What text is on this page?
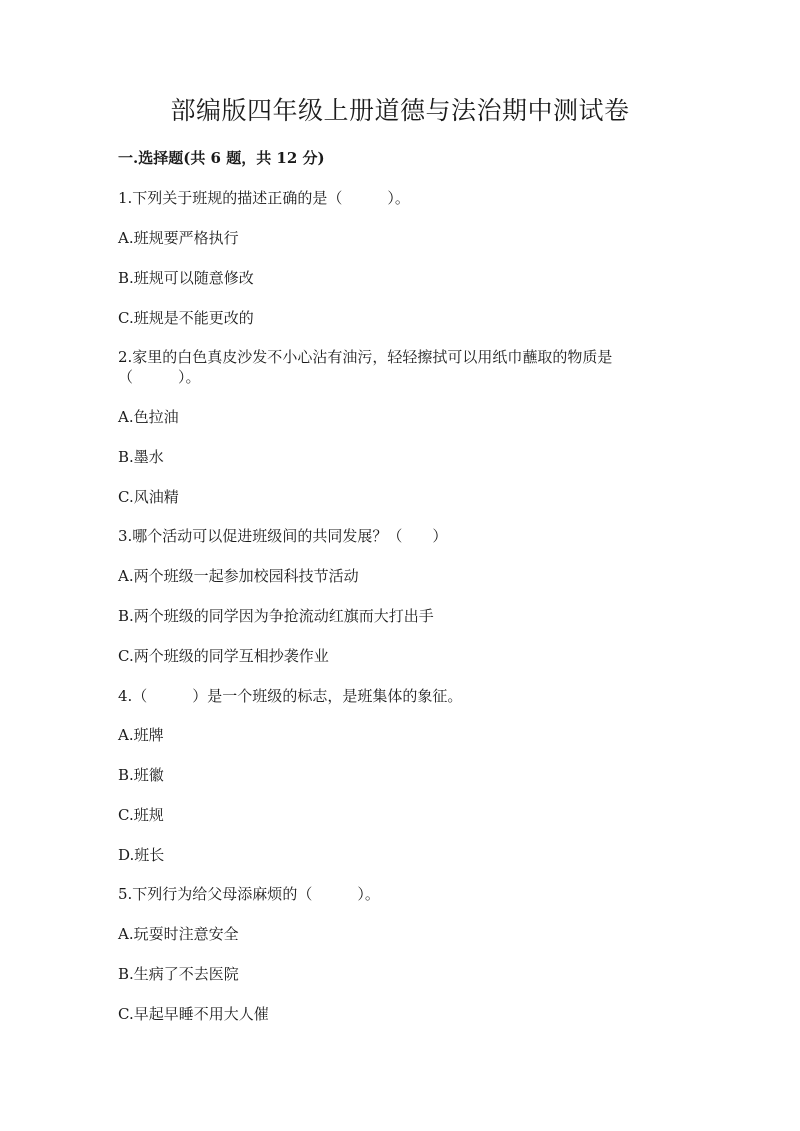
部编版四年级上册道德与法治期中测试卷
一.选择题(共 6 题，共 12 分)
1.下列关于班规的描述正确的是（　　　）。
A.班规要严格执行
B.班规可以随意修改
C.班规是不能更改的
2.家里的白色真皮沙发不小心沾有油污，轻轻擦拭可以用纸巾蘸取的物质是
（　　　）。
A.色拉油
B.墨水
C.风油精
3.哪个活动可以促进班级间的共同发展？（　　）
A.两个班级一起参加校园科技节活动
B.两个班级的同学因为争抢流动红旗而大打出手
C.两个班级的同学互相抄袭作业
4.（　　　）是一个班级的标志，是班集体的象征。
A.班牌
B.班徽
C.班规
D.班长
5.下列行为给父母添麻烦的（　　　）。
A.玩耍时注意安全
B.生病了不去医院
C.早起早睡不用大人催
